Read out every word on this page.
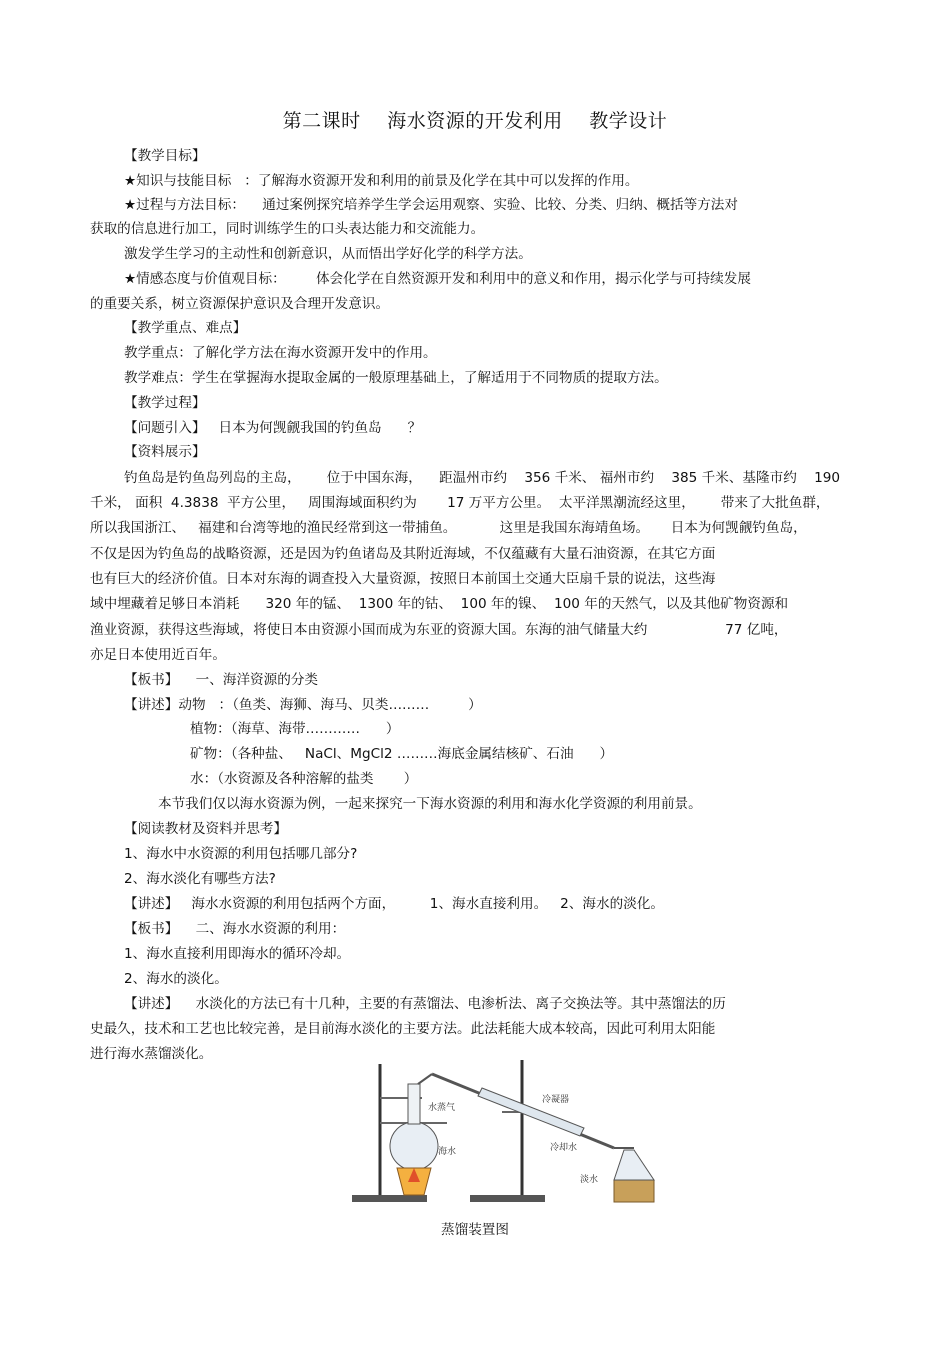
第二课时 海水资源的开发利用 教学设计
【教学目标】
★知识与技能目标   ：了解海水资源开发和利用的前景及化学在其中可以发挥的作用。
★过程与方法目标：    通过案例探究培养学生学会运用观察、实验、比较、分类、归纳、概括等方法对
获取的信息进行加工，同时训练学生的口头表达能力和交流能力。
激发学生学习的主动性和创新意识，从而悟出学好化学的科学方法。
★情感态度与价值观目标：       体会化学在自然资源开发和利用中的意义和作用，揭示化学与可持续发展
的重要关系，树立资源保护意识及合理开发意识。
【教学重点、难点】
教学重点：了解化学方法在海水资源开发中的作用。
教学难点：学生在掌握海水提取金属的一般原理基础上，了解适用于不同物质的提取方法。
【教学过程】
【问题引入】   日本为何觊觎我国的钓鱼岛      ？
【资料展示】
钓鱼岛是钓鱼岛列岛的主岛，      位于中国东海，    距温州市约    356 千米、 福州市约    385 千米、基隆市约    190
千米， 面积  4.3838  平方公里，   周围海域面积约为       17 万平方公里。  太平洋黑潮流经这里，      带来了大批鱼群，
所以我国浙江、   福建和台湾等地的渔民经常到这一带捕鱼。          这里是我国东海靖鱼场。     日本为何觊觎钓鱼岛，
不仅是因为钓鱼岛的战略资源，还是因为钓鱼诸岛及其附近海域，不仅蕴藏有大量石油资源，在其它方面
也有巨大的经济价值。日本对东海的调查投入大量资源，按照日本前国土交通大臣扇千景的说法，这些海
域中埋藏着足够日本消耗      320 年的锰、  1300 年的钴、  100 年的镍、  100 年的天然气，以及其他矿物资源和
渔业资源，获得这些海域，将使日本由资源小国而成为东亚的资源大国。东海的油气储量大约                  77 亿吨，
亦足日本使用近百年。
【板书】    一、海洋资源的分类
【讲述】动物   ：（鱼类、海狮、海马、贝类………         ）
植物：（海草、海带…………      ）
矿物：（各种盐、   NaCl、MgCl2 ………海底金属结核矿、石油      ）
水：（水资源及各种溶解的盐类       ）
本节我们仅以海水资源为例，一起来探究一下海水资源的利用和海水化学资源的利用前景。
【阅读教材及资料并思考】
1、海水中水资源的利用包括哪几部分?
2、海水淡化有哪些方法?
【讲述】   海水水资源的利用包括两个方面，        1、海水直接利用。   2、海水的淡化。
【板书】    二、海水水资源的利用：
1、海水直接利用即海水的循环冷却。
2、海水的淡化。
【讲述】    水淡化的方法已有十几种，主要的有蒸馏法、电渗析法、离子交换法等。其中蒸馏法的历
史最久，技术和工艺也比较完善，是目前海水淡化的主要方法。此法耗能大成本较高，因此可利用太阳能
进行海水蒸馏淡化。
水蒸气
冷凝器
海水	冷却水
淡水
蒸馏装置图
